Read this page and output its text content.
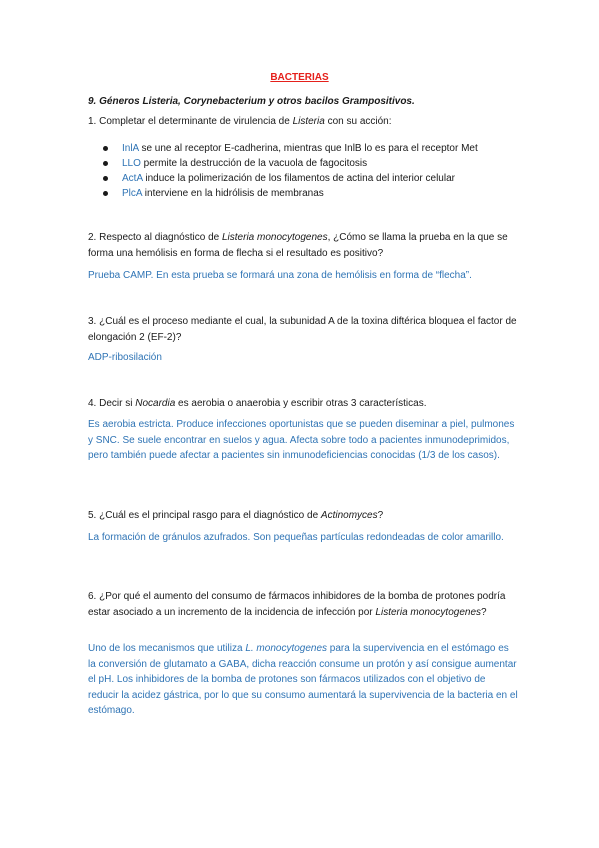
BACTERIAS
9. Géneros Listeria, Corynebacterium y otros bacilos Grampositivos.
1. Completar el determinante de virulencia de Listeria con su acción:
InlA se une al receptor E-cadherina, mientras que InlB lo es para el receptor Met
LLO permite la destrucción de la vacuola de fagocitosis
ActA induce la polimerización de los filamentos de actina del interior celular
PlcA interviene en la hidrólisis de membranas
2. Respecto al diagnóstico de Listeria monocytogenes, ¿Cómo se llama la prueba en la que se forma una hemólisis en forma de flecha si el resultado es positivo?
Prueba CAMP. En esta prueba se formará una zona de hemólisis en forma de “flecha”.
3. ¿Cuál es el proceso mediante el cual, la subunidad A de la toxina diftérica bloquea el factor de elongación 2 (EF-2)?
ADP-ribosilación
4. Decir si Nocardia es aerobia o anaerobia y escribir otras 3 características.
Es aerobia estricta. Produce infecciones oportunistas que se pueden diseminar a piel, pulmones y SNC. Se suele encontrar en suelos y agua. Afecta sobre todo a pacientes inmunodeprimidos, pero también puede afectar a pacientes sin inmunodeficiencias conocidas (1/3 de los casos).
5. ¿Cuál es el principal rasgo para el diagnóstico de Actinomyces?
La formación de gránulos azufrados. Son pequeñas partículas redondeadas de color amarillo.
6. ¿Por qué el aumento del consumo de fármacos inhibidores de la bomba de protones podría estar asociado a un incremento de la incidencia de infección por Listeria monocytogenes?
Uno de los mecanismos que utiliza L. monocytogenes para la supervivencia en el estómago es la conversión de glutamato a GABA, dicha reacción consume un protón y así consigue aumentar el pH. Los inhibidores de la bomba de protones son fármacos utilizados con el objetivo de reducir la acidez gástrica, por lo que su consumo aumentará la supervivencia de la bacteria en el estómago.
